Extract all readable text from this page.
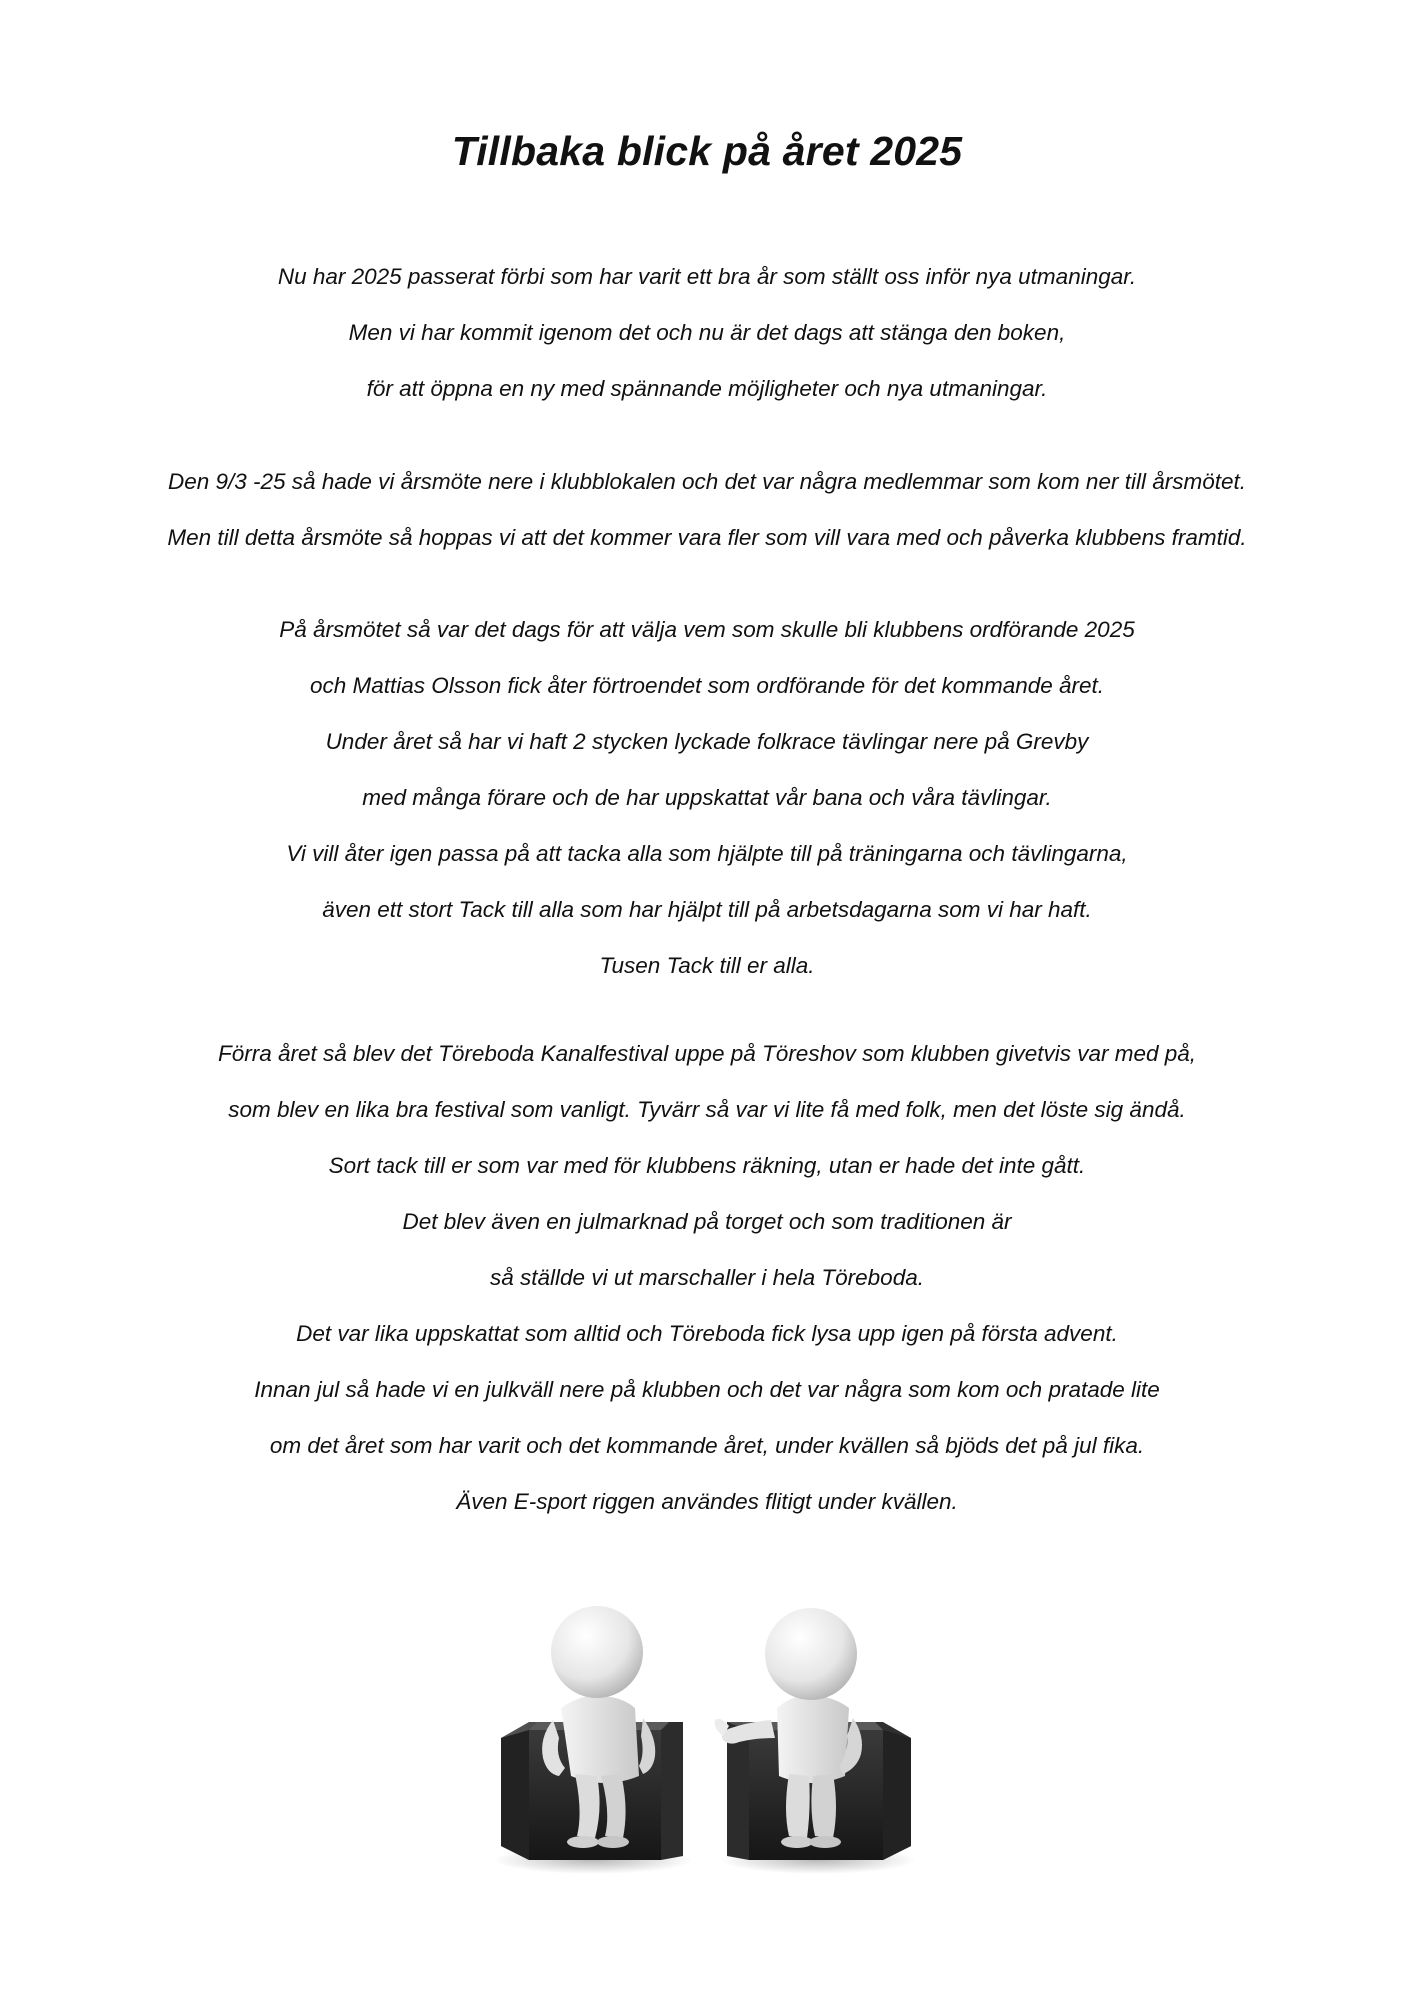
Tillbaka blick på året 2025
Nu har 2025 passerat förbi som har varit ett bra år som ställt oss inför nya utmaningar.
Men vi har kommit igenom det och nu är det dags att stänga den boken,
för att öppna en ny med spännande möjligheter och nya utmaningar.
Den 9/3 -25 så hade vi årsmöte nere i klubblokalen och det var några medlemmar som kom ner till årsmötet.
Men till detta årsmöte så hoppas vi att det kommer vara fler som vill vara med och påverka klubbens framtid.
På årsmötet så var det dags för att välja vem som skulle bli klubbens ordförande 2025
och Mattias Olsson fick åter förtroendet som ordförande för det kommande året.
Under året så har vi haft 2 stycken lyckade folkrace tävlingar nere på Grevby
med många förare och de har uppskattat vår bana och våra tävlingar.
Vi vill åter igen passa på att tacka alla som hjälpte till på träningarna och tävlingarna,
även ett stort Tack till alla som har hjälpt till på arbetsdagarna som vi har haft.
Tusen Tack till er alla.
Förra året så blev det Töreboda Kanalfestival uppe på Töreshov som klubben givetvis var med på,
som blev en lika bra festival som vanligt. Tyvärr så var vi lite få med folk, men det löste sig ändå.
Sort tack till er som var med för klubbens räkning, utan er hade det inte gått.
Det blev även en julmarknad på torget och som traditionen är
så ställde vi ut marschaller i hela Töreboda.
Det var lika uppskattat som alltid och Töreboda fick lysa upp igen på första advent.
Innan jul så hade vi en julkväll nere på klubben och det var några som kom och pratade lite
om det året som har varit och det kommande året, under kvällen så bjöds det på jul fika.
Även E-sport riggen användes flitigt under kvällen.
